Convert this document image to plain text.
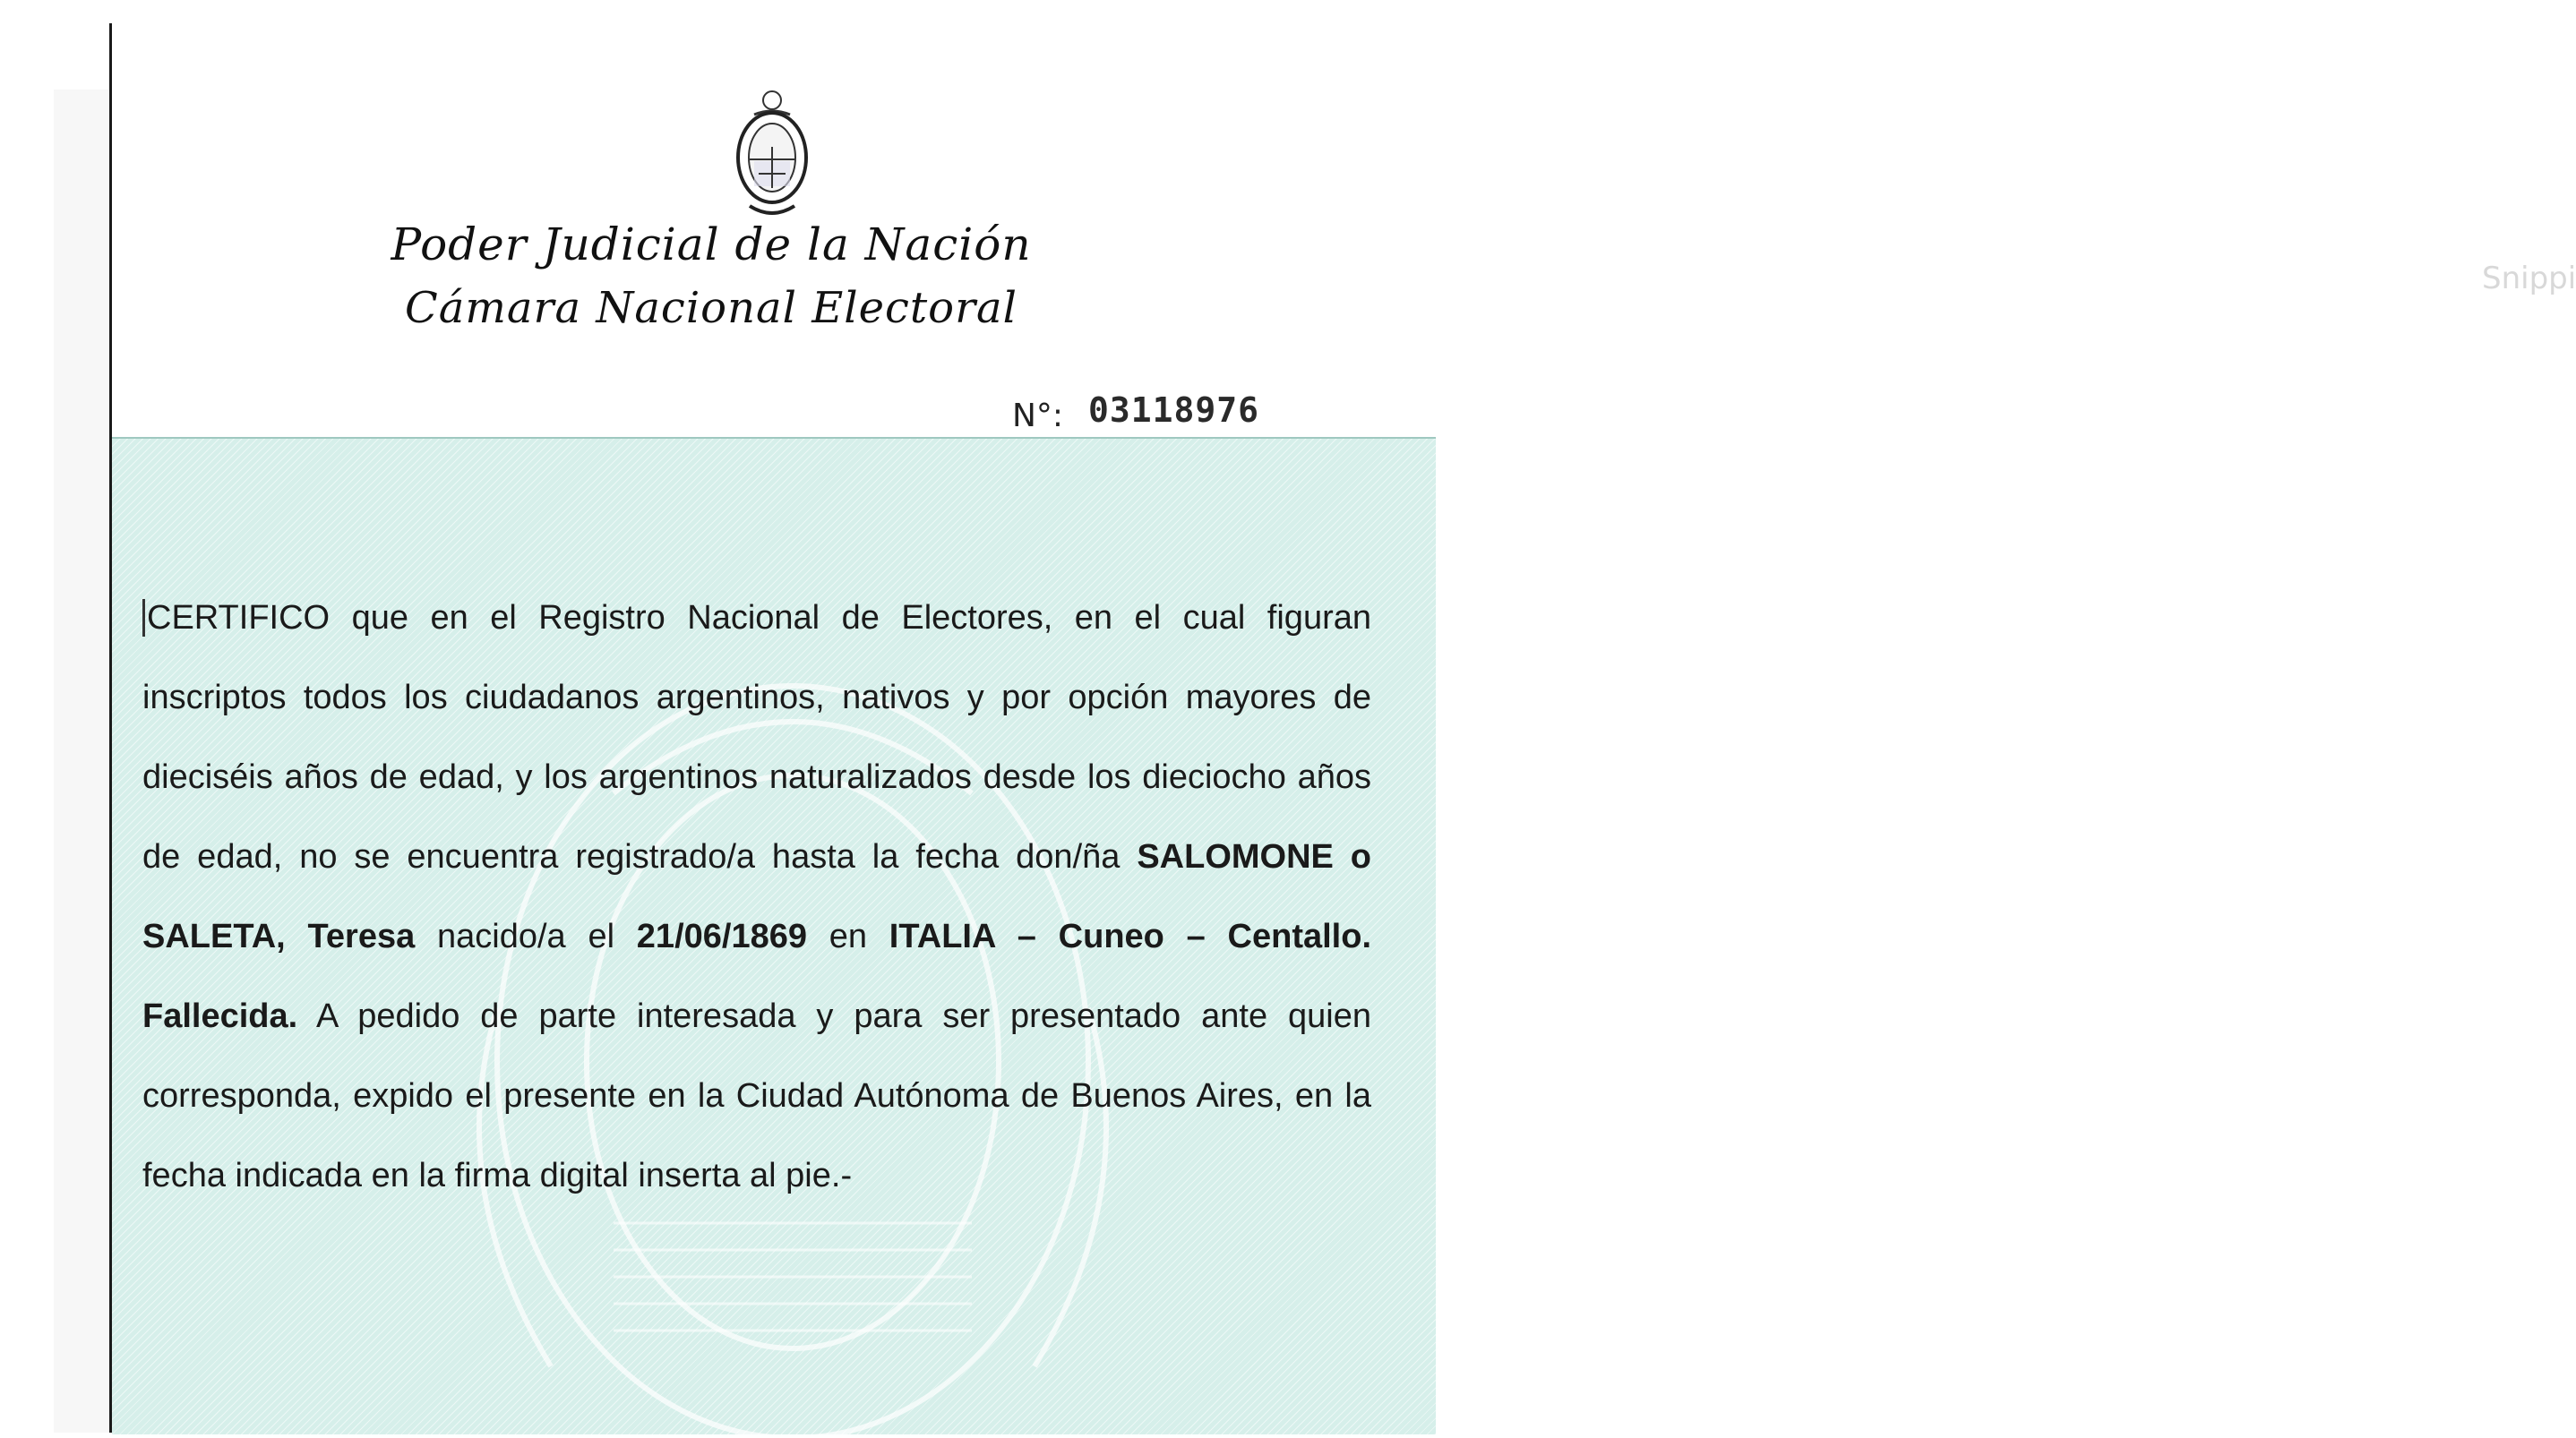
Snippi
Poder Judicial de la Nación
Cámara Nacional Electoral
N°: 03118976
CERTIFICO que en el Registro Nacional de Electores, en el cual figuran inscriptos todos los ciudadanos argentinos, nativos y por opción mayores de dieciséis años de edad, y los argentinos naturalizados desde los dieciocho años de edad, no se encuentra registrado/a hasta la fecha don/ña SALOMONE o SALETA, Teresa nacido/a el 21/06/1869 en ITALIA – Cuneo – Centallo. Fallecida. A pedido de parte interesada y para ser presentado ante quien corresponda, expido el presente en la Ciudad Autónoma de Buenos Aires, en la fecha indicada en la firma digital inserta al pie.-
